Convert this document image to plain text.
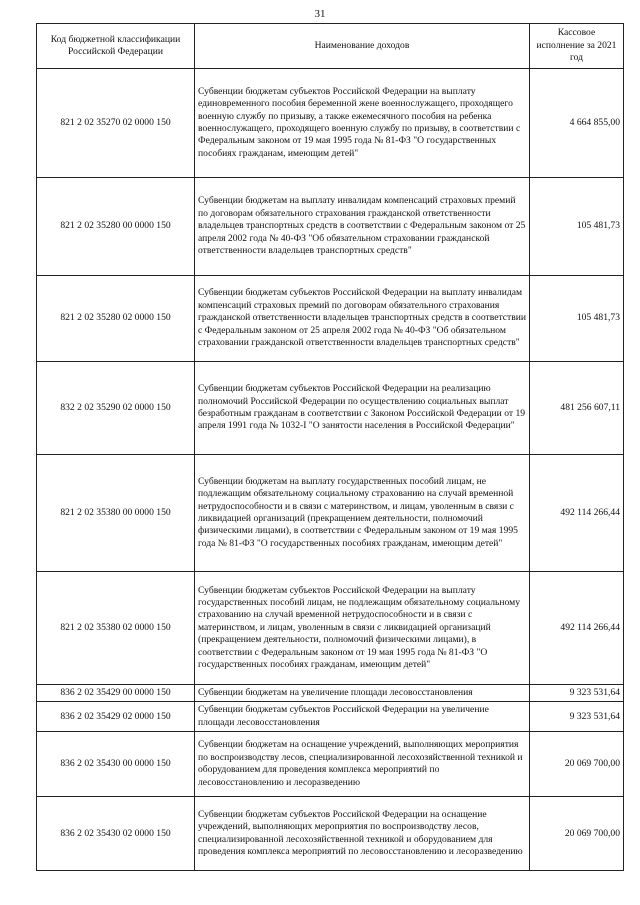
31
Код бюджетной классификации Российской Федерации	Наименование доходов	Кассовое исполнение за 2021 год
821 2 02 35270 02 0000 150	Субвенции бюджетам субъектов Российской Федерации на выплату единовременного пособия беременной жене военнослужащего, проходящего военную службу по призыву, а также ежемесячного пособия на ребенка военнослужащего, проходящего военную службу по призыву, в соответствии с Федеральным законом от 19 мая 1995 года № 81-ФЗ "О государственных пособиях гражданам, имеющим детей"	4 664 855,00
821 2 02 35280 00 0000 150	Субвенции бюджетам на выплату инвалидам компенсаций страховых премий по договорам обязательного страхования гражданской ответственности владельцев транспортных средств в соответствии с Федеральным законом от 25 апреля 2002 года № 40-ФЗ "Об обязательном страховании гражданской ответственности владельцев транспортных средств"	105 481,73
821 2 02 35280 02 0000 150	Субвенции бюджетам субъектов Российской Федерации на выплату инвалидам компенсаций страховых премий по договорам обязательного страхования гражданской ответственности владельцев транспортных средств в соответствии с Федеральным законом от 25 апреля 2002 года № 40-ФЗ "Об обязательном страховании гражданской ответственности владельцев транспортных средств"	105 481,73
832 2 02 35290 02 0000 150	Субвенции бюджетам субъектов Российской Федерации на реализацию полномочий Российской Федерации по осуществлению социальных выплат безработным гражданам в соответствии с Законом Российской Федерации от 19 апреля 1991 года № 1032-I "О занятости населения в Российской Федерации"	481 256 607,11
821 2 02 35380 00 0000 150	Субвенции бюджетам на выплату государственных пособий лицам, не подлежащим обязательному социальному страхованию на случай временной нетрудоспособности и в связи с материнством, и лицам, уволенным в связи с ликвидацией организаций (прекращением деятельности, полномочий физическими лицами), в соответствии с Федеральным законом от 19 мая 1995 года № 81-ФЗ "О государственных пособиях гражданам, имеющим детей"	492 114 266,44
821 2 02 35380 02 0000 150	Субвенции бюджетам субъектов Российской Федерации на выплату государственных пособий лицам, не подлежащим обязательному социальному страхованию на случай временной нетрудоспособности и в связи с материнством, и лицам, уволенным в связи с ликвидацией организаций (прекращением деятельности, полномочий физическими лицами), в соответствии с Федеральным законом от 19 мая 1995 года № 81-ФЗ "О государственных пособиях гражданам, имеющим детей"	492 114 266,44
836 2 02 35429 00 0000 150	Субвенции бюджетам на увеличение площади лесовосстановления	9 323 531,64
836 2 02 35429 02 0000 150	Субвенции бюджетам субъектов Российской Федерации на увеличение площади лесовосстановления	9 323 531,64
836 2 02 35430 00 0000 150	Субвенции бюджетам на оснащение учреждений, выполняющих мероприятия по воспроизводству лесов, специализированной лесохозяйственной техникой и оборудованием для проведения комплекса мероприятий по лесовосстановлению и лесоразведению	20 069 700,00
836 2 02 35430 02 0000 150	Субвенции бюджетам субъектов Российской Федерации на оснащение учреждений, выполняющих мероприятия по воспроизводству лесов, специализированной лесохозяйственной техникой и оборудованием для проведения комплекса мероприятий по лесовосстановлению и лесоразведению	20 069 700,00
